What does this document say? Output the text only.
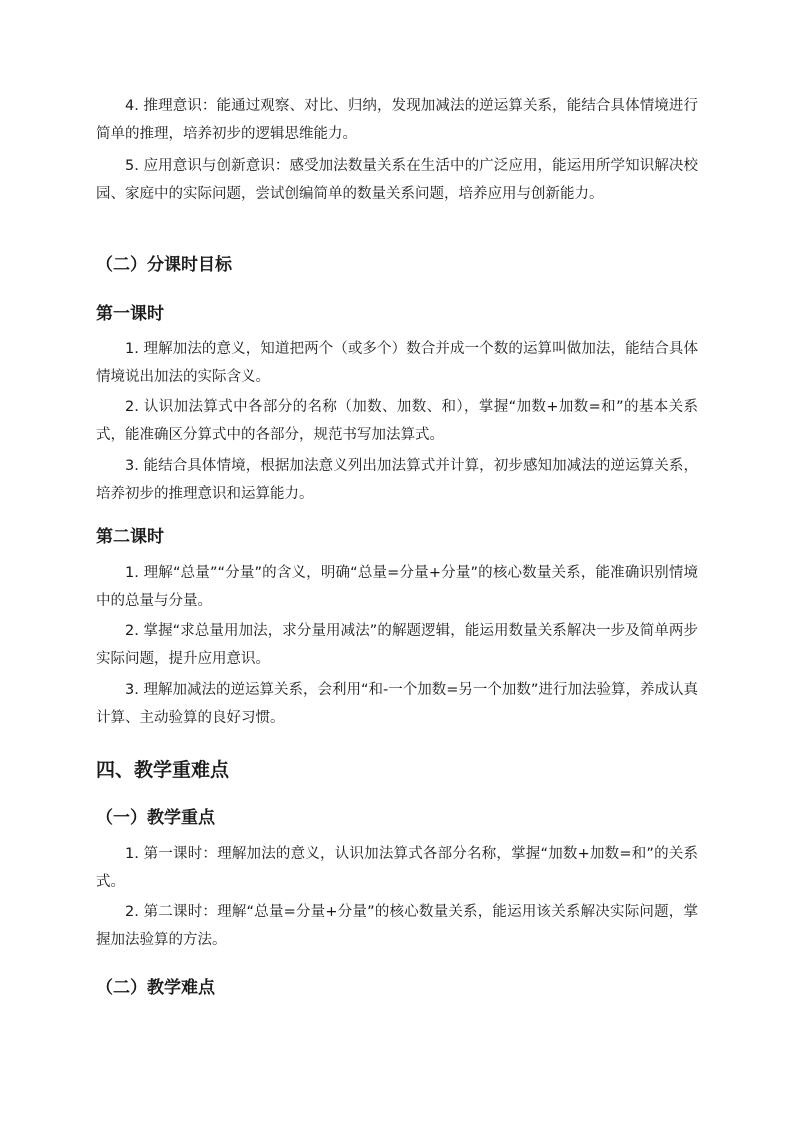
4. 推理意识：能通过观察、对比、归纳，发现加减法的逆运算关系，能结合具体情境进行简单的推理，培养初步的逻辑思维能力。

5. 应用意识与创新意识：感受加法数量关系在生活中的广泛应用，能运用所学知识解决校园、家庭中的实际问题，尝试创编简单的数量关系问题，培养应用与创新能力。

（二）分课时目标
第一课时

1. 理解加法的意义，知道把两个（或多个）数合并成一个数的运算叫做加法，能结合具体情境说出加法的实际含义。

2. 认识加法算式中各部分的名称（加数、加数、和），掌握“加数+加数=和”的基本关系式，能准确区分算式中的各部分，规范书写加法算式。

3. 能结合具体情境，根据加法意义列出加法算式并计算，初步感知加减法的逆运算关系，培养初步的推理意识和运算能力。

第二课时

1. 理解“总量”“分量”的含义，明确“总量=分量+分量”的核心数量关系，能准确识别情境中的总量与分量。

2. 掌握“求总量用加法，求分量用减法”的解题逻辑，能运用数量关系解决一步及简单两步实际问题，提升应用意识。

3. 理解加减法的逆运算关系，会利用“和-一个加数=另一个加数”进行加法验算，养成认真计算、主动验算的良好习惯。

四、教学重难点
（一）教学重点

1. 第一课时：理解加法的意义，认识加法算式各部分名称，掌握“加数+加数=和”的关系式。

2. 第二课时：理解“总量=分量+分量”的核心数量关系，能运用该关系解决实际问题，掌握加法验算的方法。

（二）教学难点
